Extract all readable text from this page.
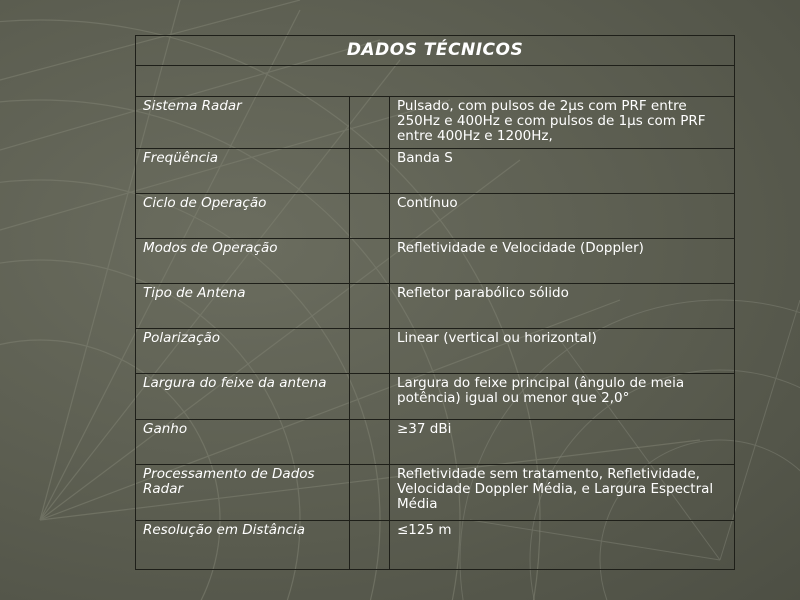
DADOS TÉCNICOS		

Sistema Radar		Pulsado, com pulsos de 2µs com PRF entre 250Hz e 400Hz e com pulsos de 1µs com PRF entre 400Hz e 1200Hz,
Freqüência		Banda S
Ciclo de Operação		Contínuo
Modos de Operação		Refletividade e Velocidade (Doppler)
Tipo de Antena		Refletor parabólico sólido
Polarização		Linear (vertical ou horizontal)
Largura do feixe da antena		Largura do feixe principal (ângulo de meia potência) igual ou menor que 2,0°
Ganho		≥37 dBi
Processamento de Dados Radar		Refletividade sem tratamento, Refletividade, Velocidade Doppler Média, e Largura Espectral Média
Resolução em Distância		≤125 m
